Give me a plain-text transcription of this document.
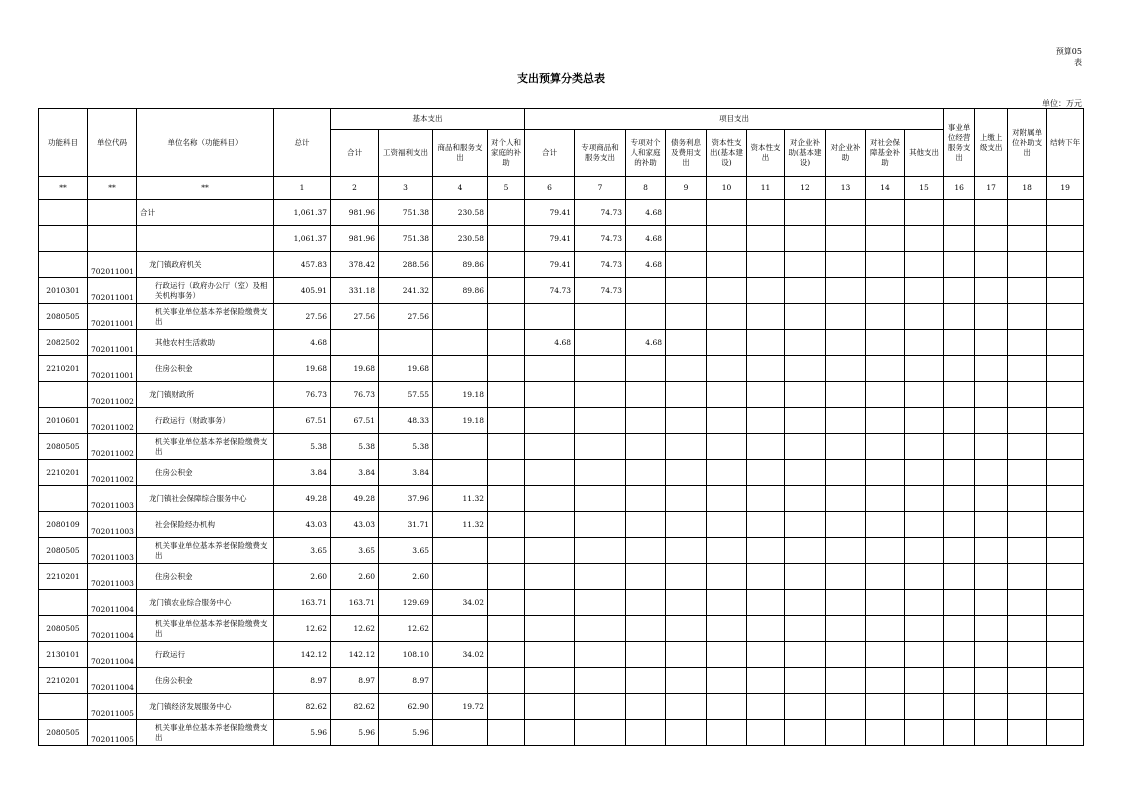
预算05
表
支出预算分类总表
单位：万元
功能科目	单位代码	单位名称（功能科目）	总计	基本支出				项目支出										事业单位经营服务支出	上缴上级支出	对附属单位补助支出	结转下年
				合计	工资福利支出	商品和服务支出	对个人和家庭的补助	合计	专项商品和服务支出	专项对个人和家庭的补助	债务利息及费用支出	资本性支出(基本建设)	资本性支出	对企业补助(基本建设)	对企业补助	对社会保障基金补助	其他支出				
**	**	**	1	2	3	4	5	6	7	8	9	10	11	12	13	14	15	16	17	18	19
		合计	1,061.37	981.96	751.38	230.58		79.41	74.73	4.68											
			1,061.37	981.96	751.38	230.58		79.41	74.73	4.68											
	702011001	龙门镇政府机关	457.83	378.42	288.56	89.86		79.41	74.73	4.68											
2010301	702011001	行政运行（政府办公厅（室）及相关机构事务）	405.91	331.18	241.32	89.86		74.73	74.73												
2080505	702011001	机关事业单位基本养老保险缴费支出	27.56	27.56	27.56																
2082502	702011001	其他农村生活救助	4.68					4.68		4.68											
2210201	702011001	住房公积金	19.68	19.68	19.68																
	702011002	龙门镇财政所	76.73	76.73	57.55	19.18															
2010601	702011002	行政运行（财政事务）	67.51	67.51	48.33	19.18															
2080505	702011002	机关事业单位基本养老保险缴费支出	5.38	5.38	5.38																
2210201	702011002	住房公积金	3.84	3.84	3.84																
	702011003	龙门镇社会保障综合服务中心	49.28	49.28	37.96	11.32															
2080109	702011003	社会保险经办机构	43.03	43.03	31.71	11.32															
2080505	702011003	机关事业单位基本养老保险缴费支出	3.65	3.65	3.65																
2210201	702011003	住房公积金	2.60	2.60	2.60																
	702011004	龙门镇农业综合服务中心	163.71	163.71	129.69	34.02															
2080505	702011004	机关事业单位基本养老保险缴费支出	12.62	12.62	12.62																
2130101	702011004	行政运行	142.12	142.12	108.10	34.02															
2210201	702011004	住房公积金	8.97	8.97	8.97																
	702011005	龙门镇经济发展服务中心	82.62	82.62	62.90	19.72															
2080505	702011005	机关事业单位基本养老保险缴费支出	5.96	5.96	5.96																
